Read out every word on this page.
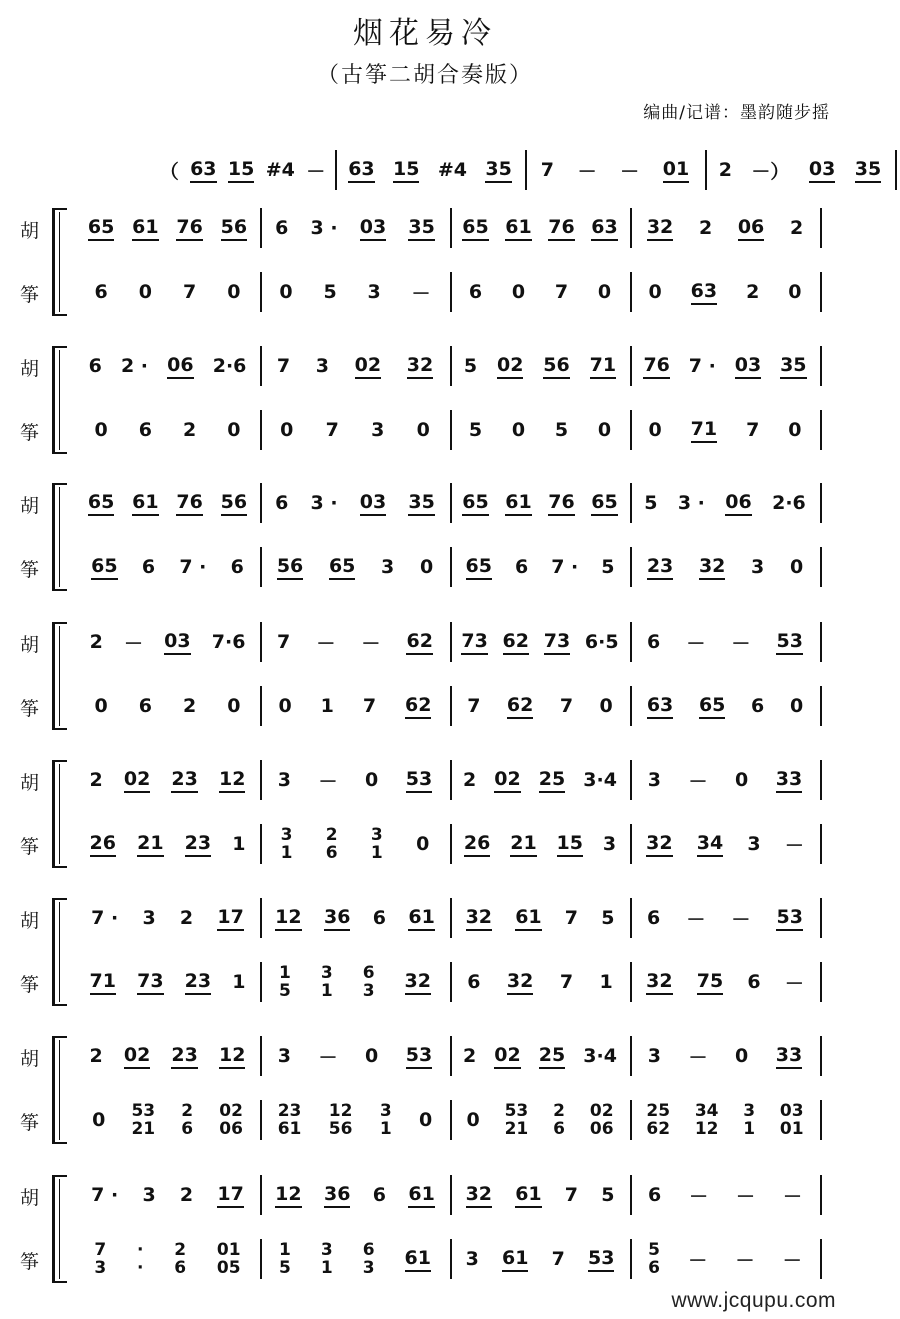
烟花易冷
（古筝二胡合奏版）
编曲/记谱：墨韵随步摇
（ 63 15 #4 － 63 15 #4 35 7 － － 01 2 －） 03 35
胡
筝
65 61 76 56 6 3 · 03 35 65 61 76 63 32 2 06 2
6 0 7 0 0 5 3 － 6 0 7 0 0 63 2 0
胡
筝
6 2 · 06 2·6 7 3 02 32 5 02 56 71 76 7 · 03 35
0 6 2 0 0 7 3 0 5 0 5 0 0 71 7 0
胡
筝
65 61 76 56 6 3 · 03 35 65 61 76 65 5 3 · 06 2·6
65 6 7 · 6 56 65 3 0 65 6 7 · 5 23 32 3 0
胡
筝
2 － 03 7·6 7 － － 62 73 62 73 6·5 6 － － 53
0 6 2 0 0 1 7 62 7 62 7 0 63 65 6 0
胡
筝
2 02 23 12 3 － 0 53 2 02 25 3·4 3 － 0 33
26 21 23 1 3
1
2
6
3
1 0 26 21 15 3 32 34 3 －
胡
筝
7 · 3 2 17 12 36 6 61 32 61 7 5 6 － － 53
71 73 23 1 1
5
3
1
6
3 32 6 32 7 1 32 75 6 －
胡
筝
2 02 23 12 3 － 0 53 2 02 25 3·4 3 － 0 33
0 53
21
2
6
02
06
23
61
12
56
3
1 0 0 53
21
2
6
02
06
25
62
34
12
3
1
03
01
胡
筝
7 · 3 2 17 12 36 6 61 32 61 7 5 6 － － －
7
3
·
·
2
6
01
05
1
5
3
1
6
3 61 3 61 7 53 5
6 － － －
www.jcqupu.com
